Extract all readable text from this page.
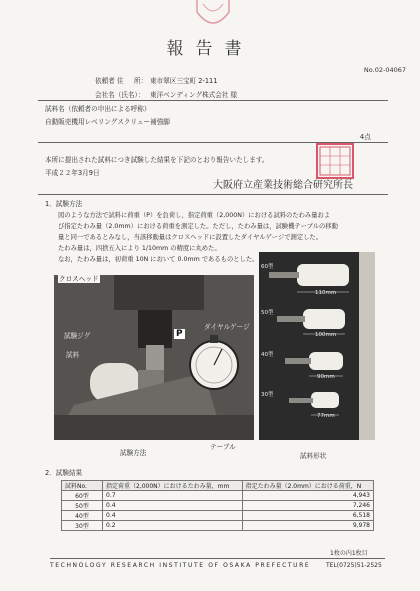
報告書
No.02-04067
依頼者 住 所： 東市翠区三宝町 2-111
会社名（氏名）： 東洋ベンディング株式会社 様
試料名（依頼者の申出による呼称）
自動販売機用レベリングスクリュー補強脚
4点
本所に提出された試料につき試験した結果を下記のとおり報告いたします。
平成２２年3月9日
大阪府立産業技術総合研究所長
1．試験方法
図のような方法で試料に荷重（P）を負荷し，指定荷重（2,000N）における試料のたわみ量およ
び指定たわみ量（2.0mm）における荷重を測定した。ただし，たわみ量は，試験機テーブルの移動
量と同一であるとみなし，当該移動量はクロスヘッドに設置したダイヤルゲージで測定した。
たわみ量は，四捨五入により 1/10mm の精度に丸めた。
なお，たわみ量は，初荷重 10N において 0.0mm であるものとした。
クロスヘッド
試験ジグ
試料
P
ダイヤルゲージ
試験方法
テーブル
60型
110mm
50型
100mm
40型
90mm
30型
77mm
試料形状
2．試験結果
試料No.	指定荷重（2,000N）におけるたわみ量，mm	指定たわみ量（2.0mm）における荷重，N
60型	0.7	4,943
50型	0.4	7,246
40型	0.4	6,518
30型	0.2	9,978
1枚の内1枚目
TECHNOLOGY RESEARCH INSTITUTE OF OSAKA PREFECTURE	TEL(0725)51-2525
